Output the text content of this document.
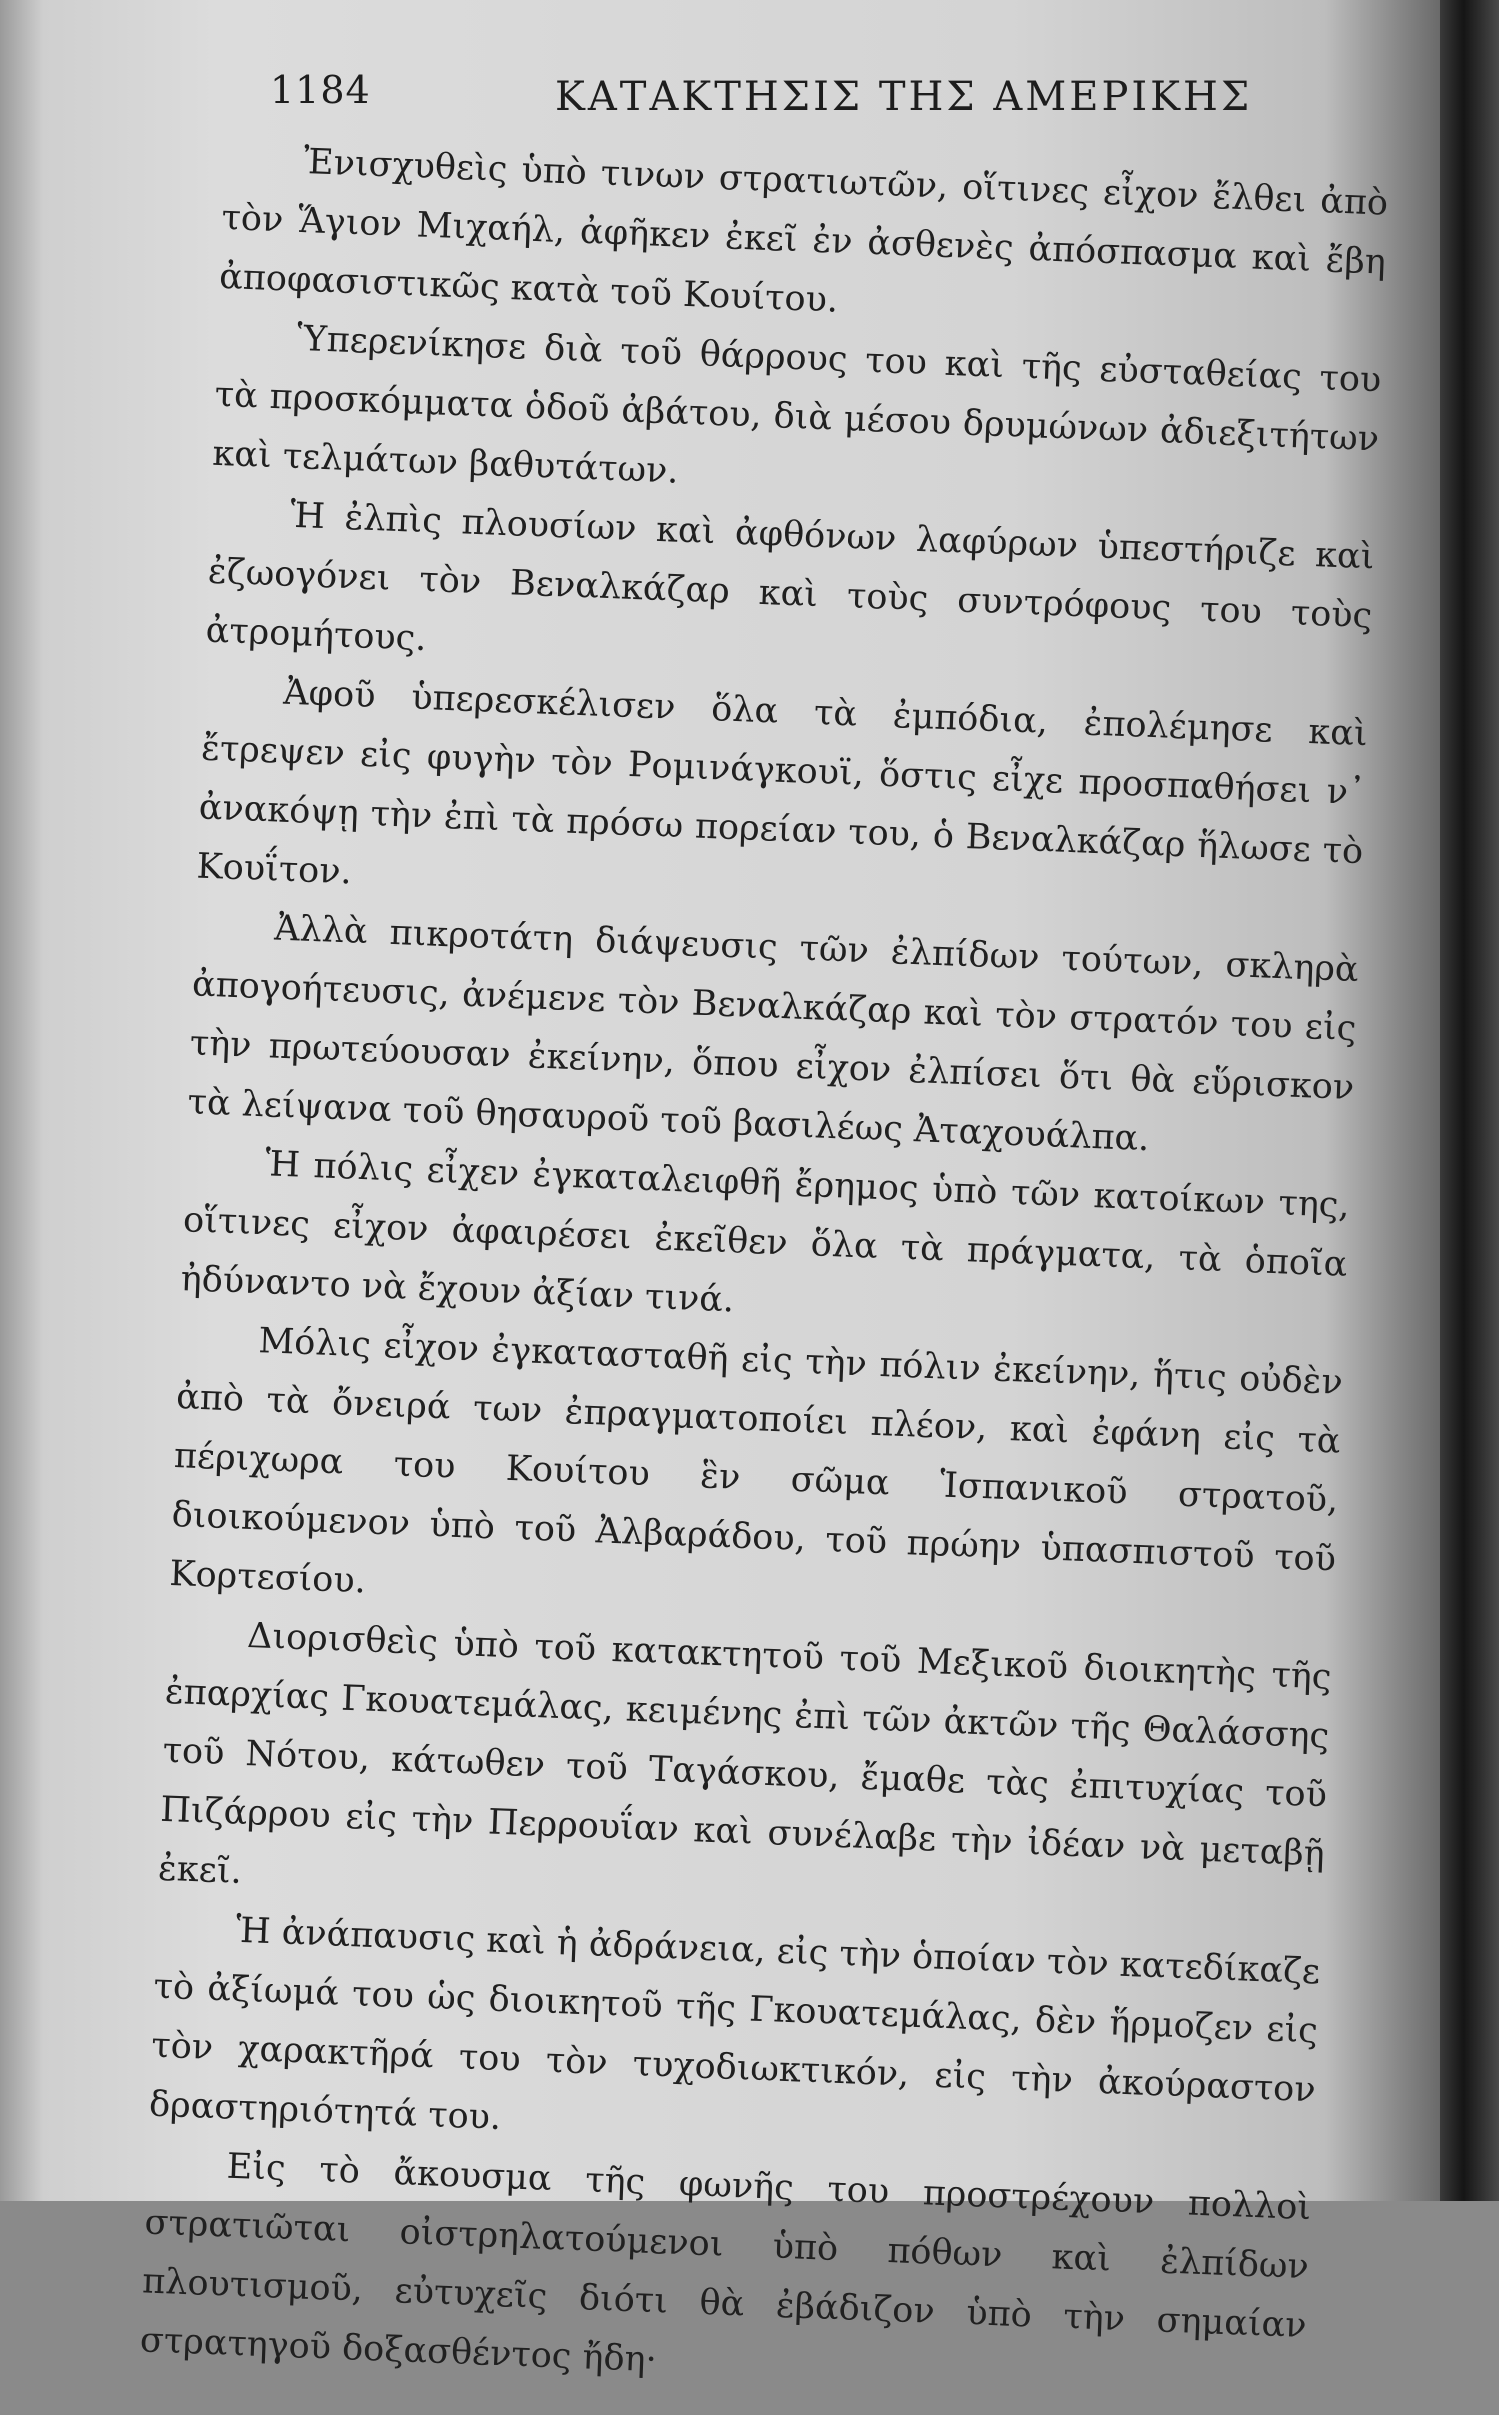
1184	ΚΑΤΑΚΤΗΣΙΣ ΤΗΣ ΑΜΕΡΙΚΗΣ

Ἐνισχυθεὶς ὑπὸ τινων στρατιωτῶν, οἵτινες εἶχον ἔλθει ἀπὸ τὸν Ἅγιον Μιχαήλ, ἀφῆκεν ἐκεῖ ἐν ἀσθενὲς ἀπόσπασμα καὶ ἔβη ἀποφασιστικῶς κατὰ τοῦ Κουίτου.

Ὑπερενίκησε διὰ τοῦ θάρρους του καὶ τῆς εὐσταθείας του τὰ προσκόμματα ὁδοῦ ἀβάτου, διὰ μέσου δρυμώνων ἀδιεξιτήτων καὶ τελμάτων βαθυτάτων.

Ἡ ἐλπὶς πλουσίων καὶ ἀφθόνων λαφύρων ὑπεστήριζε καὶ ἐζωογόνει τὸν Βεναλκάζαρ καὶ τοὺς συντρόφους του τοὺς ἀτρομήτους.

Ἀφοῦ ὑπερεσκέλισεν ὅλα τὰ ἐμπόδια, ἐπολέμησε καὶ ἔτρεψεν εἰς φυγὴν τὸν Ρομινάγκουϊ, ὅστις εἶχε προσπαθήσει ν᾽ ἀνακόψῃ τὴν ἐπὶ τὰ πρόσω πορείαν του, ὁ Βεναλκάζαρ ἥλωσε τὸ Κουΐτον.

Ἀλλὰ πικροτάτη διάψευσις τῶν ἐλπίδων τούτων, σκληρὰ ἀπογοήτευσις, ἀνέμενε τὸν Βεναλκάζαρ καὶ τὸν στρατόν του εἰς τὴν πρωτεύουσαν ἐκείνην, ὅπου εἶχον ἐλπίσει ὅτι θὰ εὕρισκον τὰ λείψανα τοῦ θησαυροῦ τοῦ βασιλέως Ἀταχουάλπα.

Ἡ πόλις εἶχεν ἐγκαταλειφθῆ ἔρημος ὑπὸ τῶν κατοίκων της, οἵτινες εἶχον ἀφαιρέσει ἐκεῖθεν ὅλα τὰ πράγματα, τὰ ὁποῖα ἠδύναντο νὰ ἔχουν ἀξίαν τινά.

Μόλις εἶχον ἐγκατασταθῆ εἰς τὴν πόλιν ἐκείνην, ἥτις οὐδὲν ἀπὸ τὰ ὄνειρά των ἐπραγματοποίει πλέον, καὶ ἐφάνη εἰς τὰ πέριχωρα του Κουίτου ἓν σῶμα Ἱσπανικοῦ στρατοῦ, διοικούμενον ὑπὸ τοῦ Ἀλβαράδου, τοῦ πρώην ὑπασπιστοῦ τοῦ Κορτεσίου.

Διορισθεὶς ὑπὸ τοῦ κατακτητοῦ τοῦ Μεξικοῦ διοικητὴς τῆς ἐπαρχίας Γκουατεμάλας, κειμένης ἐπὶ τῶν ἀκτῶν τῆς Θαλάσσης τοῦ Νότου, κάτωθεν τοῦ Ταγάσκου, ἔμαθε τὰς ἐπιτυχίας τοῦ Πιζάρρου εἰς τὴν Περρουΐαν καὶ συνέλαβε τὴν ἰδέαν νὰ μεταβῇ ἐκεῖ.

Ἡ ἀνάπαυσις καὶ ἡ ἀδράνεια, εἰς τὴν ὁποίαν τὸν κατεδίκαζε τὸ ἀξίωμά του ὡς διοικητοῦ τῆς Γκουατεμάλας, δὲν ἥρμοζεν εἰς τὸν χαρακτῆρά του τὸν τυχοδιωκτικόν, εἰς τὴν ἀκούραστον δραστηριότητά του.

Εἰς τὸ ἄκουσμα τῆς φωνῆς του προστρέχουν πολλοὶ στρατιῶται οἰστρηλατούμενοι ὑπὸ πόθων καὶ ἐλπίδων πλουτισμοῦ, εὐτυχεῖς διότι θὰ ἐβάδιζον ὑπὸ τὴν σημαίαν στρατηγοῦ δοξασθέντος ἤδη·
